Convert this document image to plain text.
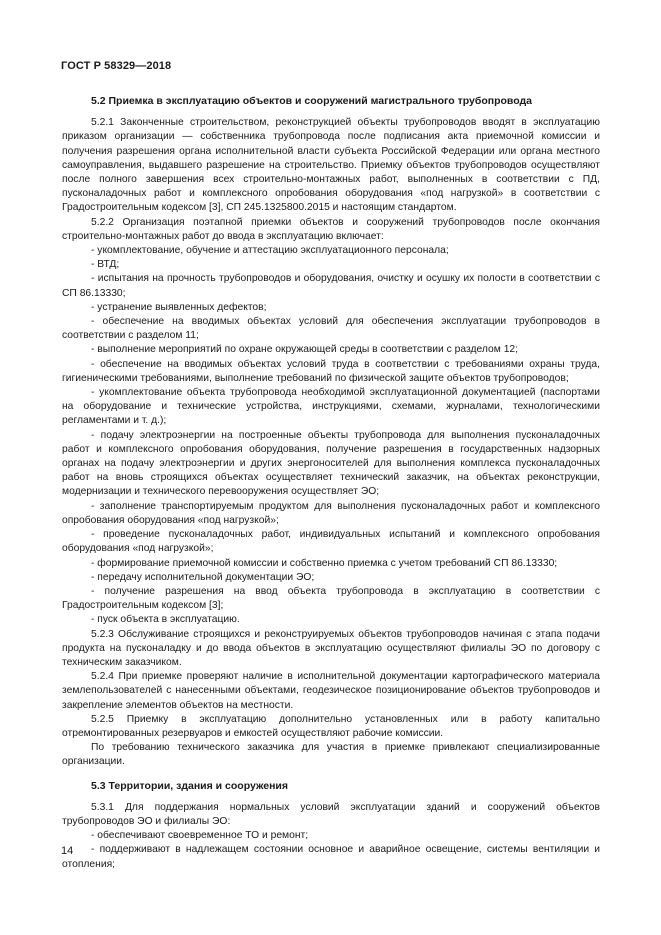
ГОСТ Р 58329—2018
5.2 Приемка в эксплуатацию объектов и сооружений магистрального трубопровода

5.2.1 Законченные строительством, реконструкцией объекты трубопроводов вводят в эксплуатацию приказом организации — собственника трубопровода после подписания акта приемочной комиссии и получения разрешения органа исполнительной власти субъекта Российской Федерации или органа местного самоуправления, выдавшего разрешение на строительство. Приемку объектов трубопроводов осуществляют после полного завершения всех строительно-монтажных работ, выполненных в соответствии с ПД, пусконаладочных работ и комплексного опробования оборудования «под нагрузкой» в соответствии с Градостроительным кодексом [3], СП 245.1325800.2015 и настоящим стандартом.

5.2.2 Организация поэтапной приемки объектов и сооружений трубопроводов после окончания строительно-монтажных работ до ввода в эксплуатацию включает:

- укомплектование, обучение и аттестацию эксплуатационного персонала;

- ВТД;

- испытания на прочность трубопроводов и оборудования, очистку и осушку их полости в соответствии с СП 86.13330;

- устранение выявленных дефектов;

- обеспечение на вводимых объектах условий для обеспечения эксплуатации трубопроводов в соответствии с разделом 11;

- выполнение мероприятий по охране окружающей среды в соответствии с разделом 12;

- обеспечение на вводимых объектах условий труда в соответствии с требованиями охраны труда, гигиеническими требованиями, выполнение требований по физической защите объектов трубопроводов;

- укомплектование объекта трубопровода необходимой эксплуатационной документацией (паспортами на оборудование и технические устройства, инструкциями, схемами, журналами, технологическими регламентами и т. д.);

- подачу электроэнергии на построенные объекты трубопровода для выполнения пусконаладочных работ и комплексного опробования оборудования, получение разрешения в государственных надзорных органах на подачу электроэнергии и других энергоносителей для выполнения комплекса пусконаладочных работ на вновь строящихся объектах осуществляет технический заказчик, на объектах реконструкции, модернизации и технического перевооружения осуществляет ЭО;

- заполнение транспортируемым продуктом для выполнения пусконаладочных работ и комплексного опробования оборудования «под нагрузкой»;

- проведение пусконаладочных работ, индивидуальных испытаний и комплексного опробования оборудования «под нагрузкой»;

- формирование приемочной комиссии и собственно приемка с учетом требований СП 86.13330;

- передачу исполнительной документации ЭО;

- получение разрешения на ввод объекта трубопровода в эксплуатацию в соответствии с Градостроительным кодексом [3];

- пуск объекта в эксплуатацию.

5.2.3 Обслуживание строящихся и реконструируемых объектов трубопроводов начиная с этапа подачи продукта на пусконаладку и до ввода объектов в эксплуатацию осуществляют филиалы ЭО по договору с техническим заказчиком.

5.2.4 При приемке проверяют наличие в исполнительной документации картографического материала землепользователей с нанесенными объектами, геодезическое позиционирование объектов трубопроводов и закрепление элементов объектов на местности.

5.2.5 Приемку в эксплуатацию дополнительно установленных или в работу капитально отремонтированных резервуаров и емкостей осуществляют рабочие комиссии.

По требованию технического заказчика для участия в приемке привлекают специализированные организации.

5.3 Территории, здания и сооружения

5.3.1 Для поддержания нормальных условий эксплуатации зданий и сооружений объектов трубопроводов ЭО и филиалы ЭО:

- обеспечивают своевременное ТО и ремонт;

- поддерживают в надлежащем состоянии основное и аварийное освещение, системы вентиляции и отопления;

14
